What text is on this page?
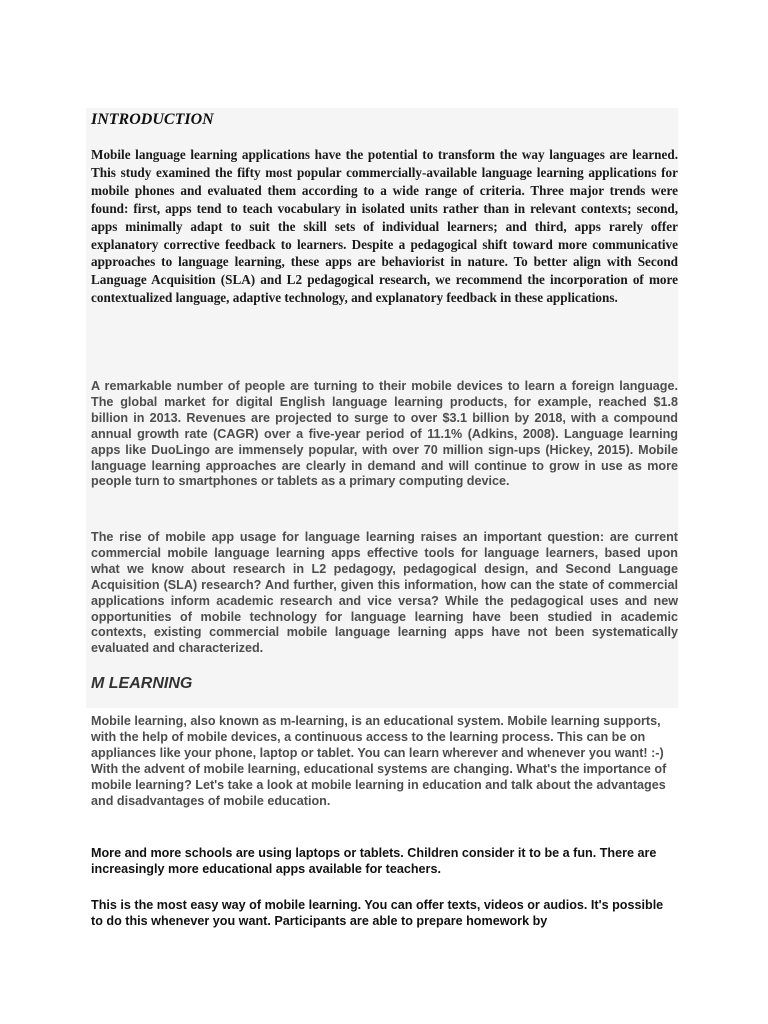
INTRODUCTION

Mobile language learning applications have the potential to transform the way languages are learned. This study examined the fifty most popular commercially-available language learning applications for mobile phones and evaluated them according to a wide range of criteria. Three major trends were found: first, apps tend to teach vocabulary in isolated units rather than in relevant contexts; second, apps minimally adapt to suit the skill sets of individual learners; and third, apps rarely offer explanatory corrective feedback to learners. Despite a pedagogical shift toward more communicative approaches to language learning, these apps are behaviorist in nature. To better align with Second Language Acquisition (SLA) and L2 pedagogical research, we recommend the incorporation of more contextualized language, adaptive technology, and explanatory feedback in these applications.

A remarkable number of people are turning to their mobile devices to learn a foreign language. The global market for digital English language learning products, for example, reached $1.8 billion in 2013. Revenues are projected to surge to over $3.1 billion by 2018, with a compound annual growth rate (CAGR) over a five-year period of 11.1% (Adkins, 2008). Language learning apps like DuoLingo are immensely popular, with over 70 million sign-ups (Hickey, 2015). Mobile language learning approaches are clearly in demand and will continue to grow in use as more people turn to smartphones or tablets as a primary computing device.

The rise of mobile app usage for language learning raises an important question: are current commercial mobile language learning apps effective tools for language learners, based upon what we know about research in L2 pedagogy, pedagogical design, and Second Language Acquisition (SLA) research? And further, given this information, how can the state of commercial applications inform academic research and vice versa? While the pedagogical uses and new opportunities of mobile technology for language learning have been studied in academic contexts, existing commercial mobile language learning apps have not been systematically evaluated and characterized.

M LEARNING

Mobile learning, also known as m-learning, is an educational system. Mobile learning supports, with the help of mobile devices, a continuous access to the learning process. This can be on appliances like your phone, laptop or tablet. You can learn wherever and whenever you want! :-) With the advent of mobile learning, educational systems are changing. What's the importance of mobile learning? Let's take a look at mobile learning in education and talk about the advantages and disadvantages of mobile education.

More and more schools are using laptops or tablets. Children consider it to be a fun. There are increasingly more educational apps available for teachers.

This is the most easy way of mobile learning. You can offer texts, videos or audios. It's possible to do this whenever you want. Participants are able to prepare homework by
